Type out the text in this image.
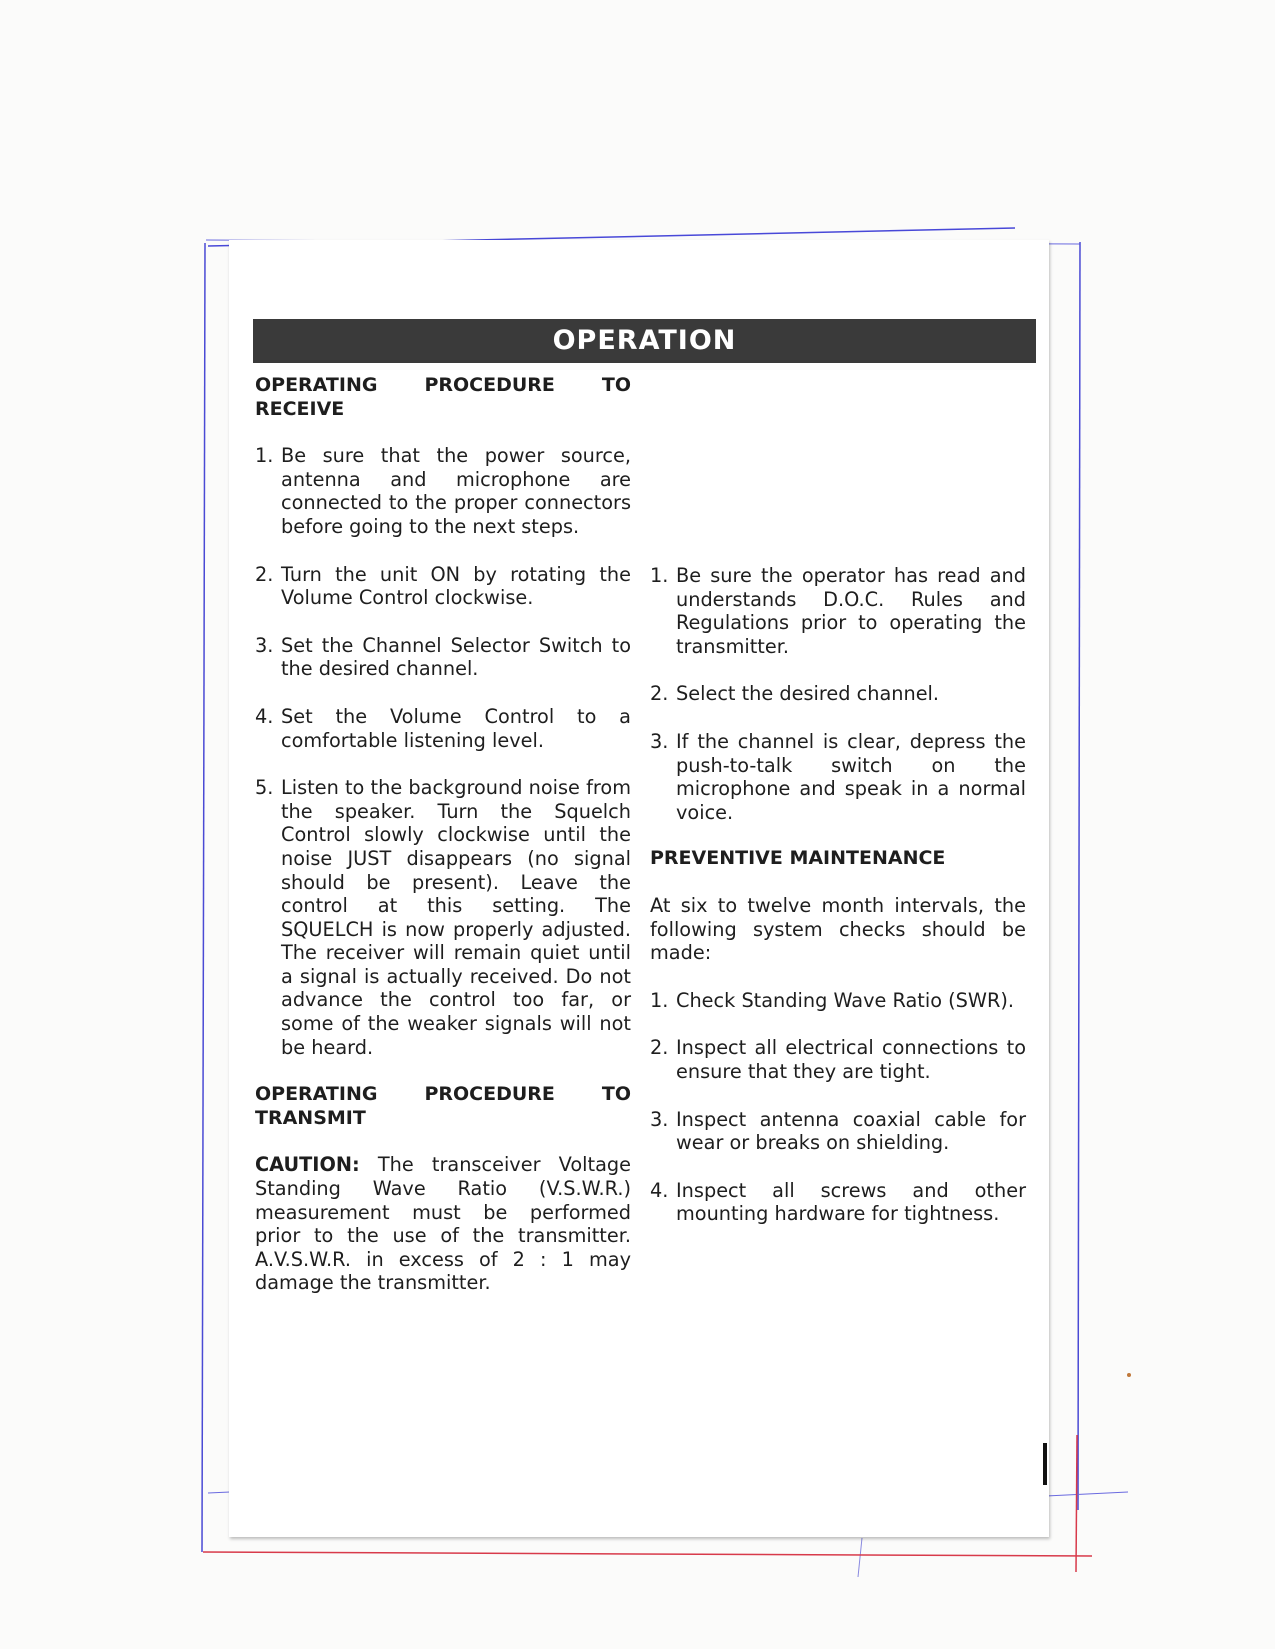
OPERATION

OPERATING PROCEDURE TO RECEIVE

1. Be sure that the power source, antenna and microphone are connected to the proper connectors before going to the next steps.
2. Turn the unit ON by rotating the Volume Control clockwise.
3. Set the Channel Selector Switch to the desired channel.
4. Set the Volume Control to a comfortable listening level.
5. Listen to the background noise from the speaker. Turn the Squelch Control slowly clockwise until the noise JUST disappears (no signal should be present). Leave the control at this setting. The SQUELCH is now properly adjusted. The receiver will remain quiet until a signal is actually received. Do not advance the control too far, or some of the weaker signals will not be heard.

OPERATING PROCEDURE TO TRANSMIT

CAUTION: The transceiver Voltage Standing Wave Ratio (V.S.W.R.) measurement must be performed prior to the use of the transmitter. A.V.S.W.R. in excess of 2 : 1 may damage the transmitter.

1. Be sure the operator has read and understands D.O.C. Rules and Regulations prior to operating the transmitter.
2. Select the desired channel.
3. If the channel is clear, depress the push-to-talk switch on the microphone and speak in a normal voice.

PREVENTIVE MAINTENANCE

At six to twelve month intervals, the following system checks should be made:

1. Check Standing Wave Ratio (SWR).
2. Inspect all electrical connections to ensure that they are tight.
3. Inspect antenna coaxial cable for wear or breaks on shielding.
4. Inspect all screws and other mounting hardware for tightness.
